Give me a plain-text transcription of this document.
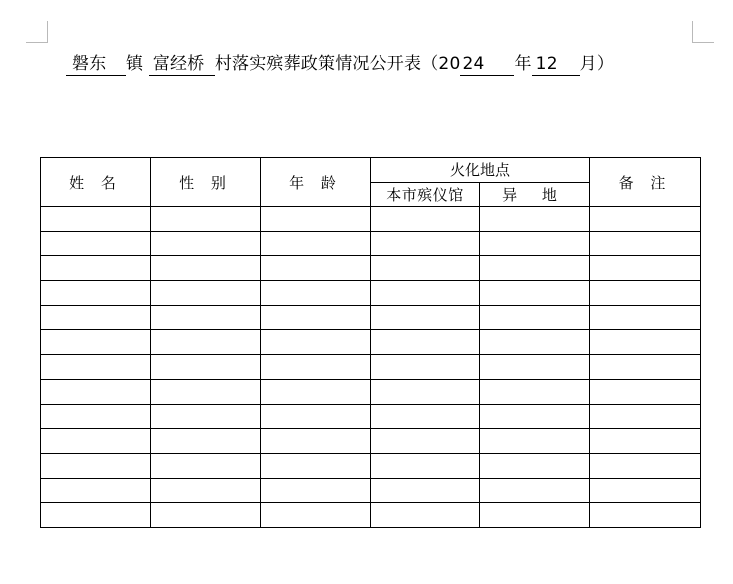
磐东 镇 富经桥 村落实殡葬政策情况公开表（20 24 年 12 月）
姓 名	性 别	年 龄	火化地点		备 注
			本市殡仪馆	异 地	
